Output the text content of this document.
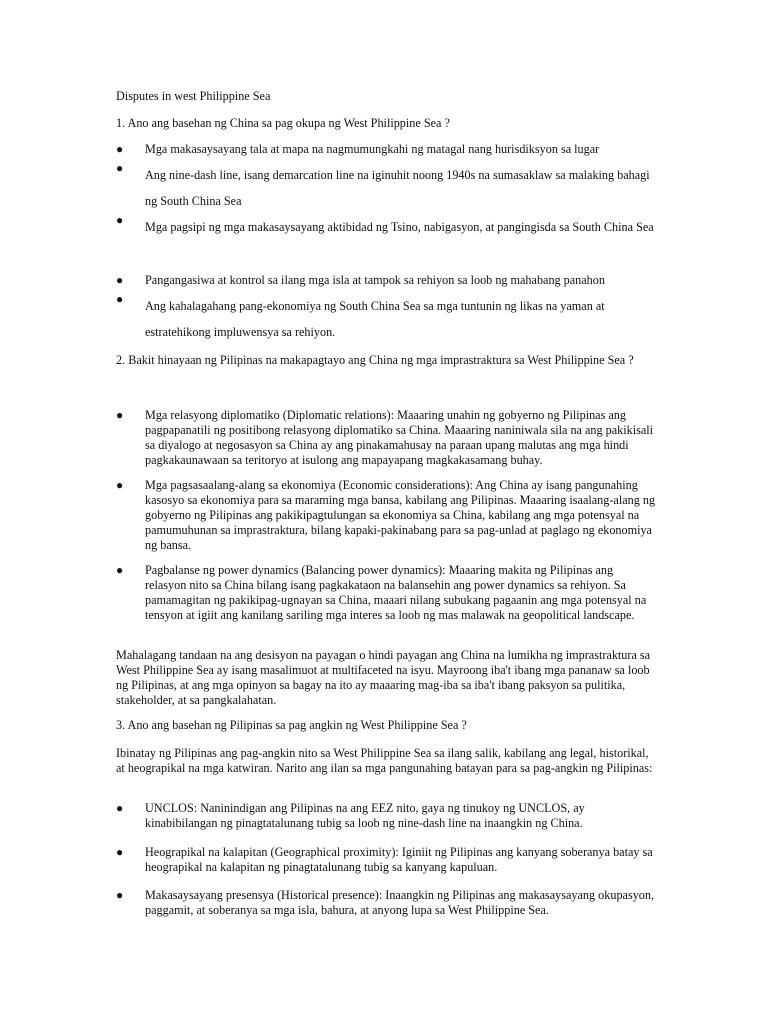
Disputes in west Philippine Sea
1. Ano ang basehan ng China sa pag okupa ng West Philippine Sea ?
● Mga makasaysayang tala at mapa na nagmumungkahi ng matagal nang hurisdiksyon sa lugar
● Ang nine-dash line, isang demarcation line na iginuhit noong 1940s na sumasaklaw sa malaking bahagi ng South China Sea
● Mga pagsipi ng mga makasaysayang aktibidad ng Tsino, nabigasyon, at pangingisda sa South China Sea
● Pangangasiwa at kontrol sa ilang mga isla at tampok sa rehiyon sa loob ng mahabang panahon
● Ang kahalagahang pang-ekonomiya ng South China Sea sa mga tuntunin ng likas na yaman at estratehikong impluwensya sa rehiyon.
2. Bakit hinayaan ng Pilipinas na makapagtayo ang China ng mga imprastraktura sa West Philippine Sea ?
● Mga relasyong diplomatiko (Diplomatic relations): Maaaring unahin ng gobyerno ng Pilipinas ang pagpapanatili ng positibong relasyong diplomatiko sa China. Maaaring naniniwala sila na ang pakikisali sa diyalogo at negosasyon sa China ay ang pinakamahusay na paraan upang malutas ang mga hindi pagkakaunawaan sa teritoryo at isulong ang mapayapang magkakasamang buhay.
● Mga pagsasaalang-alang sa ekonomiya (Economic considerations): Ang China ay isang pangunahing kasosyo sa ekonomiya para sa maraming mga bansa, kabilang ang Pilipinas. Maaaring isaalang-alang ng gobyerno ng Pilipinas ang pakikipagtulungan sa ekonomiya sa China, kabilang ang mga potensyal na pamumuhunan sa imprastraktura, bilang kapaki-pakinabang para sa pag-unlad at paglago ng ekonomiya ng bansa.
● Pagbalanse ng power dynamics (Balancing power dynamics): Maaaring makita ng Pilipinas ang relasyon nito sa China bilang isang pagkakataon na balansehin ang power dynamics sa rehiyon. Sa pamamagitan ng pakikipag-ugnayan sa China, maaari nilang subukang pagaanin ang mga potensyal na tensyon at igiit ang kanilang sariling mga interes sa loob ng mas malawak na geopolitical landscape.
Mahalagang tandaan na ang desisyon na payagan o hindi payagan ang China na lumikha ng imprastraktura sa West Philippine Sea ay isang masalimuot at multifaceted na isyu. Mayroong iba't ibang mga pananaw sa loob ng Pilipinas, at ang mga opinyon sa bagay na ito ay maaaring mag-iba sa iba't ibang paksyon sa pulitika, stakeholder, at sa pangkalahatan.
3. Ano ang basehan ng Pilipinas sa pag angkin ng West Philippine Sea ?
Ibinatay ng Pilipinas ang pag-angkin nito sa West Philippine Sea sa ilang salik, kabilang ang legal, historikal, at heograpikal na mga katwiran. Narito ang ilan sa mga pangunahing batayan para sa pag-angkin ng Pilipinas:
● UNCLOS: Naninindigan ang Pilipinas na ang EEZ nito, gaya ng tinukoy ng UNCLOS, ay kinabibilangan ng pinagtatalunang tubig sa loob ng nine-dash line na inaangkin ng China.
● Heograpikal na kalapitan (Geographical proximity): Iginiit ng Pilipinas ang kanyang soberanya batay sa heograpikal na kalapitan ng pinagtatalunang tubig sa kanyang kapuluan.
● Makasaysayang presensya (Historical presence): Inaangkin ng Pilipinas ang makasaysayang okupasyon, paggamit, at soberanya sa mga isla, bahura, at anyong lupa sa West Philippine Sea.
